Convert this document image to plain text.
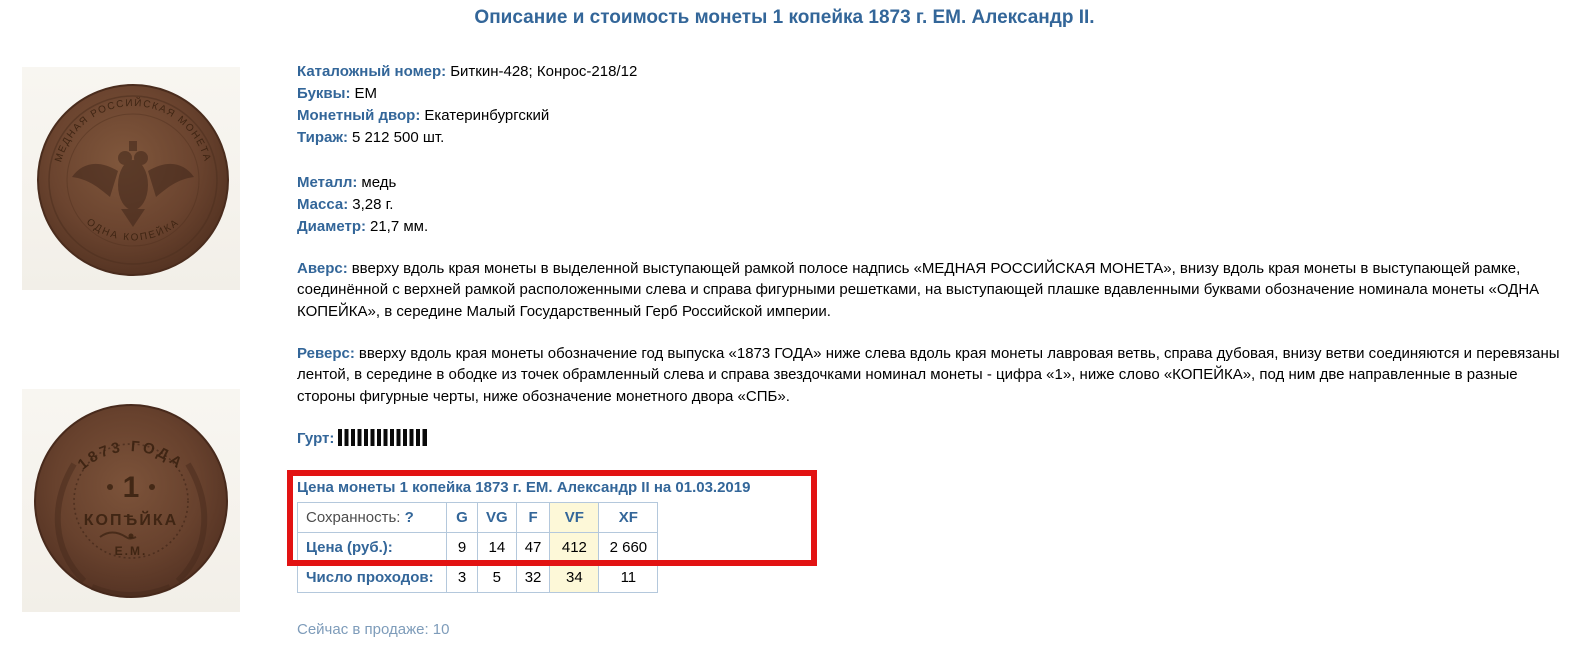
Описание и стоимость монеты 1 копейка 1873 г. ЕМ. Александр II.
МЕДНАЯ РОССИЙСКАЯ МОНЕТА
ОДНА КОПЕЙКА
1873 ГОДА
1
КОПѢЙКА
Е.М.
Каталожный номер: Биткин-428; Конрос-218/12
Буквы: ЕМ
Монетный двор: Екатеринбургский
Тираж: 5 212 500 шт.
Металл: медь
Масса: 3,28 г.
Диаметр: 21,7 мм.
Аверс: вверху вдоль края монеты в выделенной выступающей рамкой полосе надпись «МЕДНАЯ РОССИЙСКАЯ МОНЕТА», внизу вдоль края монеты в выступающей рамке, соединённой с верхней рамкой расположенными слева и справа фигурными решетками, на выступающей плашке вдавленными буквами обозначение номинала монеты «ОДНА КОПЕЙКА», в середине Малый Государственный Герб Российской империи.
Реверс: вверху вдоль края монеты обозначение год выпуска «1873 ГОДА» ниже слева вдоль края монеты лавровая ветвь, справа дубовая, внизу ветви соединяются и перевязаны лентой, в середине в ободке из точек обрамленный слева и справа звездочками номинал монеты - цифра «1», ниже слово «КОПЕЙКА», под ним две направленные в разные стороны фигурные черты, ниже обозначение монетного двора «СПБ».
Гурт:
Цена монеты 1 копейка 1873 г. ЕМ. Александр II на 01.03.2019
Сохранность: ?	G	VG	F	VF	XF
Цена (руб.):	9	14	47	412	2 660
Число проходов:	3	5	32	34	11
Сейчас в продаже: 10
